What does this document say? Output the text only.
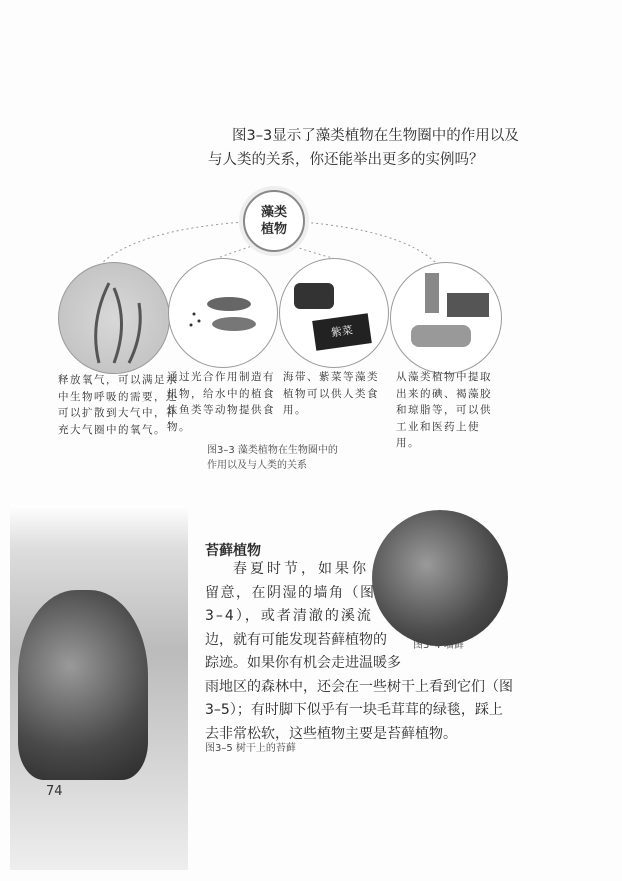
图3–3显示了藻类植物在生物圈中的作用以及
与人类的关系，你还能举出更多的实例吗？
藻类
植物
紫菜
释放氧气，可以满足水中生物呼吸的需要，还可以扩散到大气中，补充大气圈中的氧气。
通过光合作用制造有机物，给水中的植食性鱼类等动物提供食物。
海带、紫菜等藻类植物可以供人类食用。
从藻类植物中提取出来的碘、褐藻胶和琼脂等，可以供工业和医药上使用。
图3–3 藻类植物在生物圈中的
作用以及与人类的关系
图3–4 墙藓
苔藓植物
春夏时节，如果你
留意，在阴湿的墙角（图
3–4），或者清澈的溪流
边，就有可能发现苔藓植物的
踪迹。如果你有机会走进温暖多
雨地区的森林中，还会在一些树干上看到它们（图
3–5）；有时脚下似乎有一块毛茸茸的绿毯，踩上
去非常松软，这些植物主要是苔藓植物。
图3–5 树干上的苔藓
74
